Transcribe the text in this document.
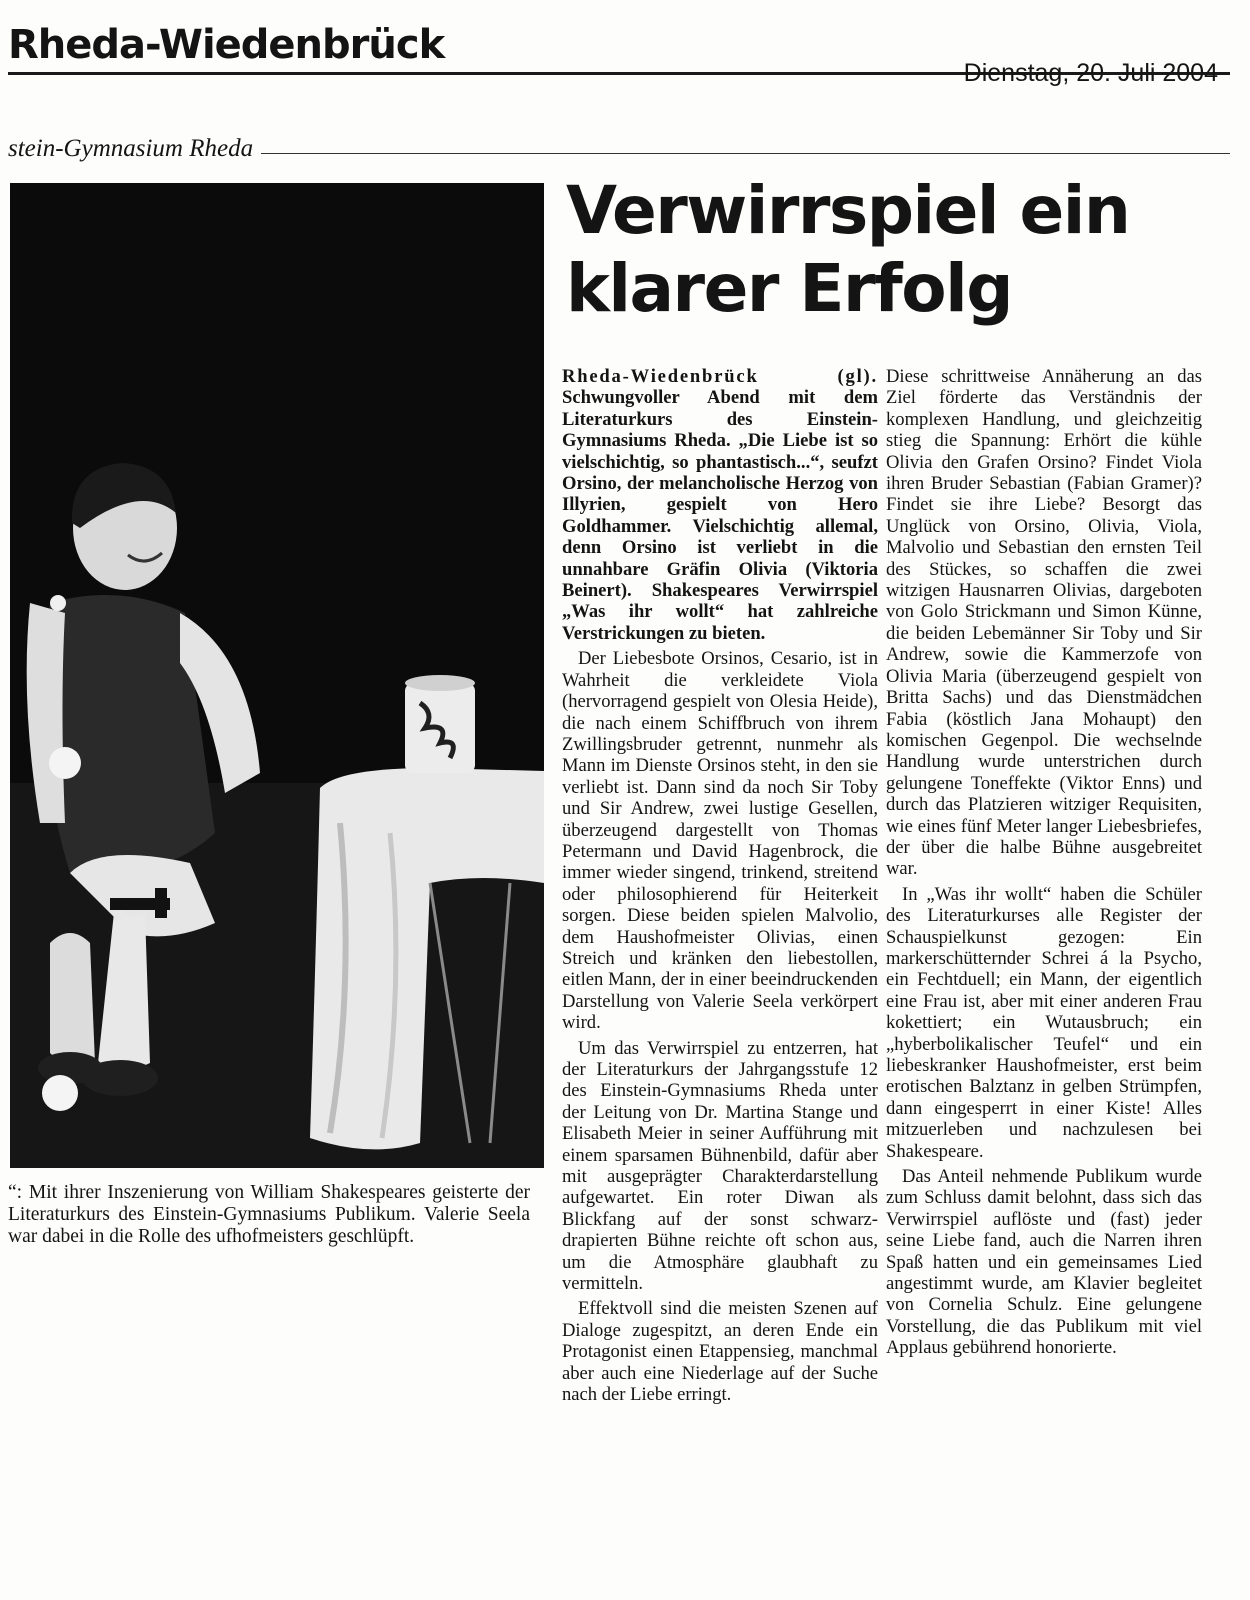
Rheda-Wiedenbrück
Dienstag, 20. Juli 2004
stein-Gymnasium Rheda
“: Mit ihrer Inszenierung von William Shakespeares geisterte der Literaturkurs des Einstein-Gymnasiums Publikum. Valerie Seela war dabei in die Rolle des ufhofmeisters geschlüpft.
Verwirrspiel ein klarer Erfolg

Rheda-Wiedenbrück (gl). Schwungvoller Abend mit dem Literaturkurs des Einstein-Gymnasiums Rheda. „Die Liebe ist so vielschichtig, so phantastisch...“, seufzt Orsino, der melancholische Herzog von Illyrien, gespielt von Hero Goldhammer. Vielschichtig allemal, denn Orsino ist verliebt in die unnahbare Gräfin Olivia (Viktoria Beinert). Shakespeares Verwirrspiel „Was ihr wollt“ hat zahlreiche Verstrickungen zu bieten.

Der Liebesbote Orsinos, Cesario, ist in Wahrheit die verkleidete Viola (hervorragend gespielt von Olesia Heide), die nach einem Schiffbruch von ihrem Zwillingsbruder getrennt, nunmehr als Mann im Dienste Orsinos steht, in den sie verliebt ist. Dann sind da noch Sir Toby und Sir Andrew, zwei lustige Gesellen, überzeugend dargestellt von Thomas Petermann und David Hagenbrock, die immer wieder singend, trinkend, streitend oder philosophierend für Heiterkeit sorgen. Diese beiden spielen Malvolio, dem Haushofmeister Olivias, einen Streich und kränken den liebestollen, eitlen Mann, der in einer beeindruckenden Darstellung von Valerie Seela verkörpert wird.

Um das Verwirrspiel zu entzerren, hat der Literaturkurs der Jahrgangsstufe 12 des Einstein-Gymnasiums Rheda unter der Leitung von Dr. Martina Stange und Elisabeth Meier in seiner Aufführung mit einem sparsamen Bühnenbild, dafür aber mit ausgeprägter Charakterdarstellung aufgewartet. Ein roter Diwan als Blickfang auf der sonst schwarz-drapierten Bühne reichte oft schon aus, um die Atmosphäre glaubhaft zu vermitteln.

Effektvoll sind die meisten Szenen auf Dialoge zugespitzt, an deren Ende ein Protagonist einen Etappensieg, manchmal aber auch eine Niederlage auf der Suche nach der Liebe erringt.

Diese schrittweise Annäherung an das Ziel förderte das Verständnis der komplexen Handlung, und gleichzeitig stieg die Spannung: Erhört die kühle Olivia den Grafen Orsino? Findet Viola ihren Bruder Sebastian (Fabian Gramer)? Findet sie ihre Liebe? Besorgt das Unglück von Orsino, Olivia, Viola, Malvolio und Sebastian den ernsten Teil des Stückes, so schaffen die zwei witzigen Hausnarren Olivias, dargeboten von Golo Strickmann und Simon Künne, die beiden Lebemänner Sir Toby und Sir Andrew, sowie die Kammerzofe von Olivia Maria (überzeugend gespielt von Britta Sachs) und das Dienstmädchen Fabia (köstlich Jana Mohaupt) den komischen Gegenpol. Die wechselnde Handlung wurde unterstrichen durch gelungene Toneffekte (Viktor Enns) und durch das Platzieren witziger Requisiten, wie eines fünf Meter langer Liebesbriefes, der über die halbe Bühne ausgebreitet war.

In „Was ihr wollt“ haben die Schüler des Literaturkurses alle Register der Schauspielkunst gezogen: Ein markerschütternder Schrei á la Psycho, ein Fechtduell; ein Mann, der eigentlich eine Frau ist, aber mit einer anderen Frau kokettiert; ein Wutausbruch; ein „hyberbolikalischer Teufel“ und ein liebeskranker Haushofmeister, erst beim erotischen Balztanz in gelben Strümpfen, dann eingesperrt in einer Kiste! Alles mitzuerleben und nachzulesen bei Shakespeare.

Das Anteil nehmende Publikum wurde zum Schluss damit belohnt, dass sich das Verwirrspiel auflöste und (fast) jeder seine Liebe fand, auch die Narren ihren Spaß hatten und ein gemeinsames Lied angestimmt wurde, am Klavier begleitet von Cornelia Schulz. Eine gelungene Vorstellung, die das Publikum mit viel Applaus gebührend honorierte.
